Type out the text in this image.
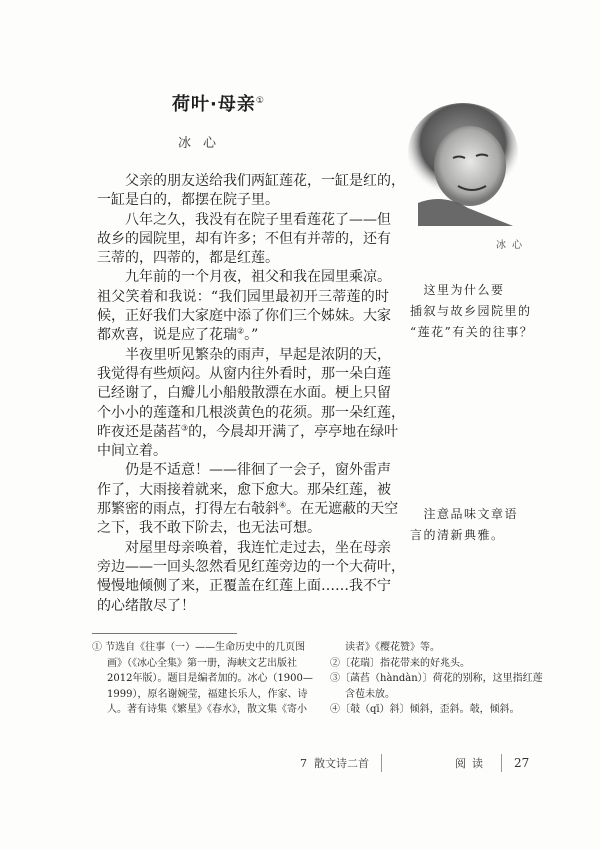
荷叶·母亲①
冰心
父亲的朋友送给我们两缸莲花，一缸是红的，
一缸是白的，都摆在院子里。
八年之久，我没有在院子里看莲花了——但
故乡的园院里，却有许多；不但有并蒂的，还有
三蒂的，四蒂的，都是红莲。
九年前的一个月夜，祖父和我在园里乘凉。
祖父笑着和我说：“我们园里最初开三蒂莲的时
候，正好我们大家庭中添了你们三个姊妹。大家
都欢喜，说是应了花瑞②。”
半夜里听见繁杂的雨声，早起是浓阴的天，
我觉得有些烦闷。从窗内往外看时，那一朵白莲
已经谢了，白瓣儿小船般散漂在水面。梗上只留
个小小的莲蓬和几根淡黄色的花须。那一朵红莲，
昨夜还是菡萏③的，今晨却开满了，亭亭地在绿叶
中间立着。
仍是不适意！——徘徊了一会子，窗外雷声
作了，大雨接着就来，愈下愈大。那朵红莲，被
那繁密的雨点，打得左右攲斜④。在无遮蔽的天空
之下，我不敢下阶去，也无法可想。
对屋里母亲唤着，我连忙走过去，坐在母亲
旁边——一回头忽然看见红莲旁边的一个大荷叶，
慢慢地倾侧了来，正覆盖在红莲上面……我不宁
的心绪散尽了！
冰心
　这里为什么要
插叙与故乡园院里的
“莲花”有关的往事？
　注意品味文章语
言的清新典雅。
① 节选自《往事（一）——生命历史中的几页图
画》（《冰心全集》第一册，海峡文艺出版社
2012年版）。题目是编者加的。冰心（1900—
1999），原名谢婉莹，福建长乐人，作家、诗
人。著有诗集《繁星》《春水》，散文集《寄小
读者》《樱花赞》等。
②〔花瑞〕指花带来的好兆头。
③〔菡萏（hàndàn）〕荷花的别称，这里指红莲
含苞未放。
④〔攲（qī）斜〕倾斜，歪斜。攲，倾斜。
7
散文诗二首	阅读 27
